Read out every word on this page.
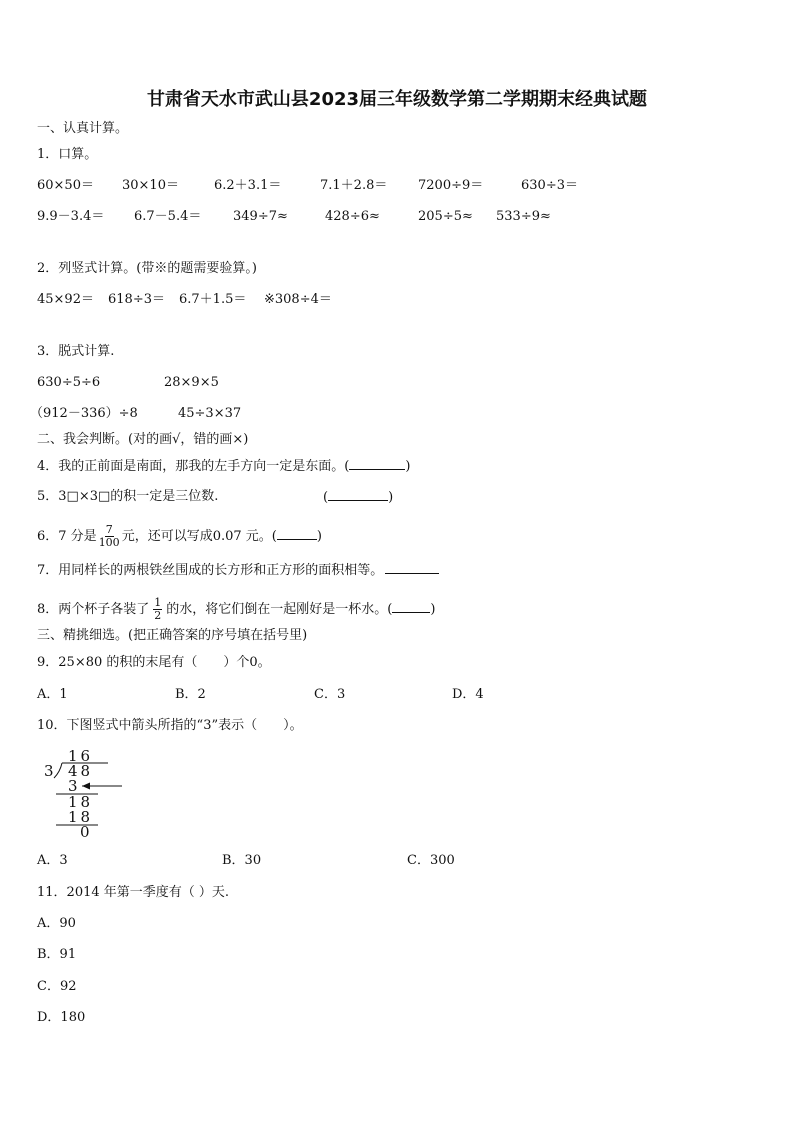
甘肃省天水市武山县2023届三年级数学第二学期期末经典试题
一、认真计算。
1．口算。
60×50＝ 30×10＝	6.2＋3.1＝	7.1＋2.8＝ 7200÷9＝	630÷3＝
9.9－3.4＝ 6.7－5.4＝ 349÷7≈	428÷6≈	205÷5≈ 533÷9≈
2．列竖式计算。(带※的题需要验算。)
45×92＝ 618÷3＝ 6.7＋1.5＝ ※308÷4＝
3．脱式计算.
630÷5÷6	28×9×5
（912－336）÷8	45÷3×37
二、我会判断。(对的画√，错的画×)
4．我的正前面是南面，那我的左手方向一定是东面。(	)
5．3□×3□的积一定是三位数.	(	)
6．7 分是 $\frac{7}{100}$ 元，还可以写成0.07 元。(	)
7．用同样长的两根铁丝围成的长方形和正方形的面积相等。
8．两个杯子各装了 $\frac{1}{2}$ 的水，将它们倒在一起刚好是一杯水。(	)
三、精挑细选。(把正确答案的序号填在括号里)
9．25×80 的积的末尾有（　　）个0。
A．1	B．2	C．3	D．4
10．下图竖式中箭头所指的“3”表示（　　）。
16
3 48
3
18
18
0
A．3	B．30	C．300
11．2014 年第一季度有（ ）天.
A．90
B．91
C．92
D．180
